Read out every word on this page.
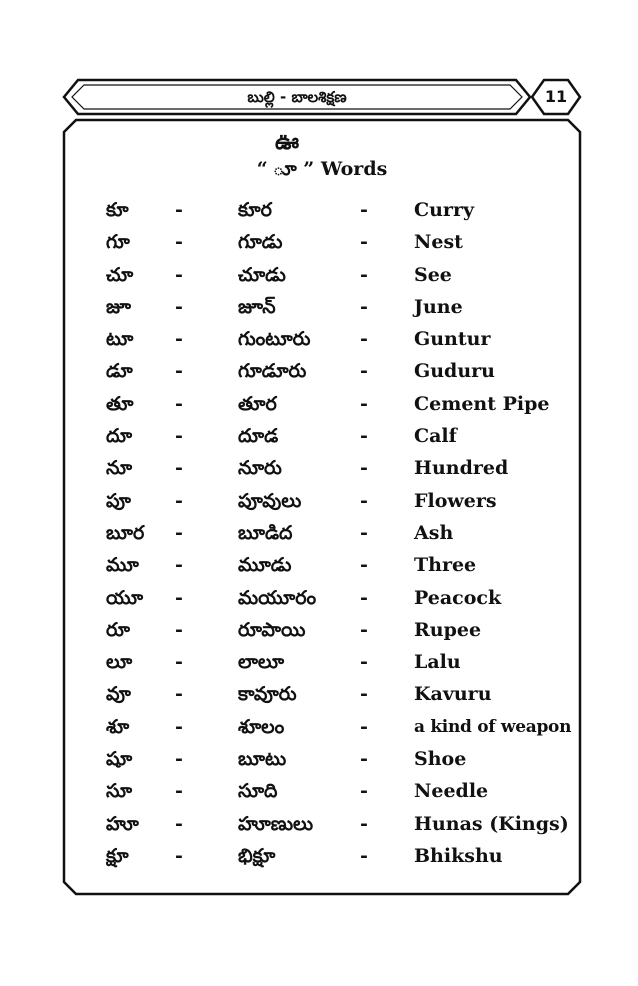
బుల్లి - బాలశిక్షణ	11
ఊ
“ ూ ” Words
కూ -	కూర	- Curry
గూ -	గూడు	- Nest
చూ -	చూడు	- See
జూ -	జూన్	- June
టూ -	గుంటూరు	- Guntur
డూ -	గూడూరు	- Guduru
తూ -	తూర	- Cement Pipe
దూ -	దూడ	- Calf
నూ -	నూరు	- Hundred
పూ -	పూవులు	- Flowers
బూర -	బూడిద	- Ash
మూ -	మూడు	- Three
యూ -	మయూరం - Peacock
రూ -	రూపాయి	- Rupee
లూ -	లాలూ	- Lalu
వూ -	కావూరు	- Kavuru
శూ -	శూలం	-	a kind of weapon
షూ -	బూటు	- Shoe
సూ -	సూది	- Needle
హూ -	హూణులు - Hunas (Kings)
క్షూ -	భిక్షూ	- Bhikshu
